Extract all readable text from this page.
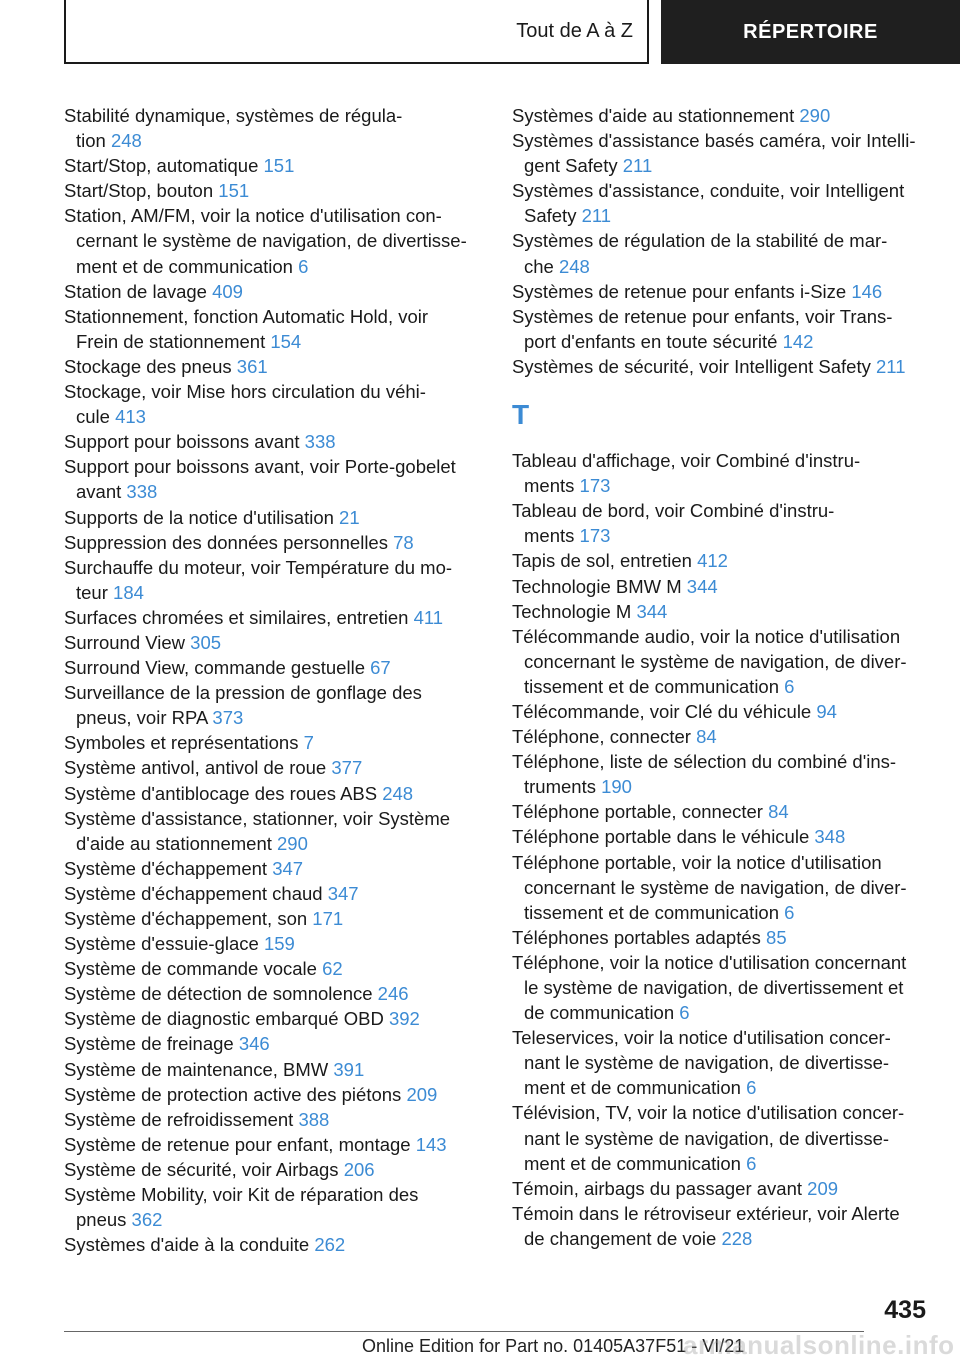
Tout de A à Z	RÉPERTOIRE
Stabilité dynamique, systèmes de régula‐
tion 248
Start/Stop, automatique 151
Start/Stop, bouton 151
Station, AM/FM, voir la notice d'utilisation con‐
cernant le système de navigation, de divertisse‐
ment et de communication 6
Station de lavage 409
Stationnement, fonction Automatic Hold, voir
Frein de stationnement 154
Stockage des pneus 361
Stockage, voir Mise hors circulation du véhi‐
cule 413
Support pour boissons avant 338
Support pour boissons avant, voir Porte-gobelet
avant 338
Supports de la notice d'utilisation 21
Suppression des données personnelles 78
Surchauffe du moteur, voir Température du mo‐
teur 184
Surfaces chromées et similaires, entretien 411
Surround View 305
Surround View, commande gestuelle 67
Surveillance de la pression de gonflage des
pneus, voir RPA 373
Symboles et représentations 7
Système antivol, antivol de roue 377
Système d'antiblocage des roues ABS 248
Système d'assistance, stationner, voir Système
d'aide au stationnement 290
Système d'échappement 347
Système d'échappement chaud 347
Système d'échappement, son 171
Système d'essuie-glace 159
Système de commande vocale 62
Système de détection de somnolence 246
Système de diagnostic embarqué OBD 392
Système de freinage 346
Système de maintenance, BMW 391
Système de protection active des piétons 209
Système de refroidissement 388
Système de retenue pour enfant, montage 143
Système de sécurité, voir Airbags 206
Système Mobility, voir Kit de réparation des
pneus 362
Systèmes d'aide à la conduite 262
Systèmes d'aide au stationnement 290
Systèmes d'assistance basés caméra, voir Intelli‐
gent Safety 211
Systèmes d'assistance, conduite, voir Intelligent
Safety 211
Systèmes de régulation de la stabilité de mar‐
che 248
Systèmes de retenue pour enfants i-Size 146
Systèmes de retenue pour enfants, voir Trans‐
port d'enfants en toute sécurité 142
Systèmes de sécurité, voir Intelligent Safety 211
T
Tableau d'affichage, voir Combiné d'instru‐
ments 173
Tableau de bord, voir Combiné d'instru‐
ments 173
Tapis de sol, entretien 412
Technologie BMW M 344
Technologie M 344
Télécommande audio, voir la notice d'utilisation
concernant le système de navigation, de diver‐
tissement et de communication 6
Télécommande, voir Clé du véhicule 94
Téléphone, connecter 84
Téléphone, liste de sélection du combiné d'ins‐
truments 190
Téléphone portable, connecter 84
Téléphone portable dans le véhicule 348
Téléphone portable, voir la notice d'utilisation
concernant le système de navigation, de diver‐
tissement et de communication 6
Téléphones portables adaptés 85
Téléphone, voir la notice d'utilisation concernant
le système de navigation, de divertissement et
de communication 6
Teleservices, voir la notice d'utilisation concer‐
nant le système de navigation, de divertisse‐
ment et de communication 6
Télévision, TV, voir la notice d'utilisation concer‐
nant le système de navigation, de divertisse‐
ment et de communication 6
Témoin, airbags du passager avant 209
Témoin dans le rétroviseur extérieur, voir Alerte
de changement de voie 228
435
Online Edition for Part no. 01405A37F51 - VI/21
armanualsonline.info
